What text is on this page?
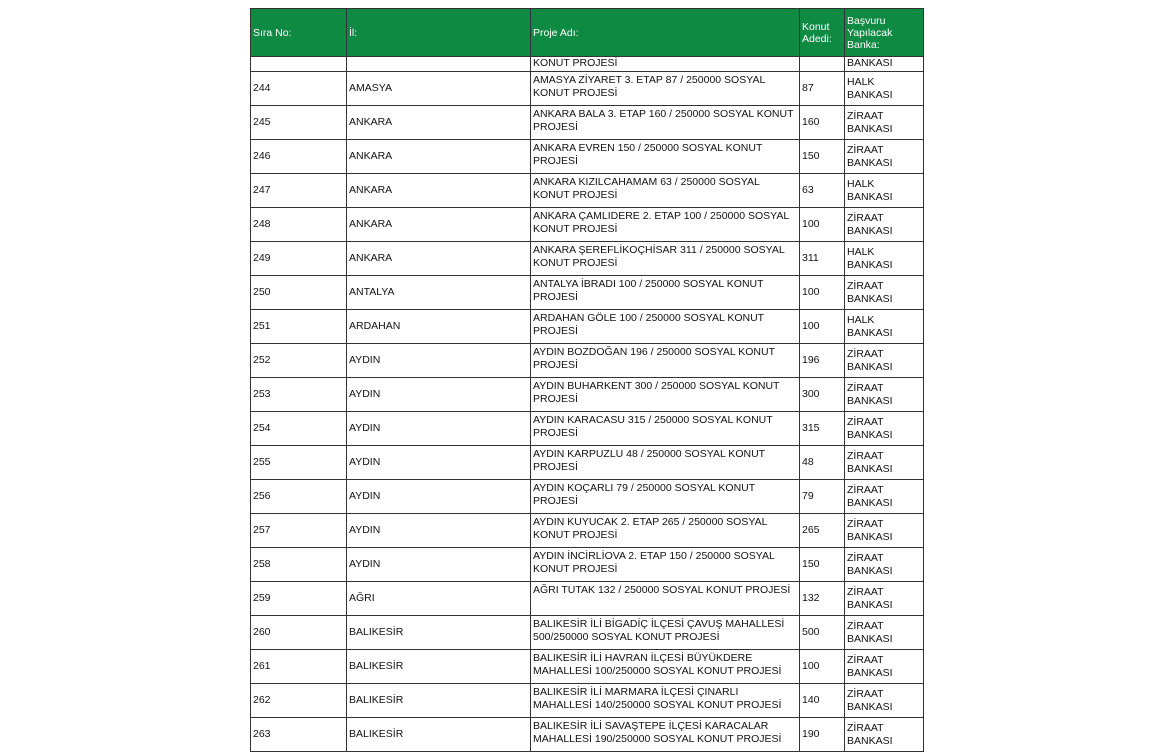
Sıra No:	İl:	Proje Adı:	Konut Adedi:	Başvuru Yapılacak Banka:
		KONUT PROJESİ		BANKASI
244	AMASYA	AMASYA ZİYARET 3. ETAP 87 / 250000 SOSYAL KONUT PROJESİ	87	HALK BANKASI
245	ANKARA	ANKARA BALA 3. ETAP 160 / 250000 SOSYAL KONUT PROJESİ	160	ZİRAAT BANKASI
246	ANKARA	ANKARA EVREN 150 / 250000 SOSYAL KONUT PROJESİ	150	ZİRAAT BANKASI
247	ANKARA	ANKARA KIZILCAHAMAM 63 / 250000 SOSYAL KONUT PROJESİ	63	HALK BANKASI
248	ANKARA	ANKARA ÇAMLIDERE 2. ETAP 100 / 250000 SOSYAL KONUT PROJESİ	100	ZİRAAT BANKASI
249	ANKARA	ANKARA ŞEREFLİKOÇHİSAR 311 / 250000 SOSYAL KONUT PROJESİ	311	HALK BANKASI
250	ANTALYA	ANTALYA İBRADI 100 / 250000 SOSYAL KONUT PROJESİ	100	ZİRAAT BANKASI
251	ARDAHAN	ARDAHAN GÖLE 100 / 250000 SOSYAL KONUT PROJESİ	100	HALK BANKASI
252	AYDIN	AYDIN BOZDOĞAN 196 / 250000 SOSYAL KONUT PROJESİ	196	ZİRAAT BANKASI
253	AYDIN	AYDIN BUHARKENT 300 / 250000 SOSYAL KONUT PROJESİ	300	ZİRAAT BANKASI
254	AYDIN	AYDIN KARACASU 315 / 250000 SOSYAL KONUT PROJESİ	315	ZİRAAT BANKASI
255	AYDIN	AYDIN KARPUZLU 48 / 250000 SOSYAL KONUT PROJESİ	48	ZİRAAT BANKASI
256	AYDIN	AYDIN KOÇARLI 79 / 250000 SOSYAL KONUT PROJESİ	79	ZİRAAT BANKASI
257	AYDIN	AYDIN KUYUCAK 2. ETAP 265 / 250000 SOSYAL KONUT PROJESİ	265	ZİRAAT BANKASI
258	AYDIN	AYDIN İNCİRLİOVA 2. ETAP 150 / 250000 SOSYAL KONUT PROJESİ	150	ZİRAAT BANKASI
259	AĞRI	AĞRI TUTAK 132 / 250000 SOSYAL KONUT PROJESİ	132	ZİRAAT BANKASI
260	BALIKESİR	BALIKESİR İLİ BİGADİÇ İLÇESİ ÇAVUŞ MAHALLESİ 500/250000 SOSYAL KONUT PROJESİ	500	ZİRAAT BANKASI
261	BALIKESİR	BALIKESİR İLİ HAVRAN İLÇESİ BÜYÜKDERE MAHALLESİ 100/250000 SOSYAL KONUT PROJESİ	100	ZİRAAT BANKASI
262	BALIKESİR	BALIKESİR İLİ MARMARA İLÇESİ ÇINARLI MAHALLESİ 140/250000 SOSYAL KONUT PROJESİ	140	ZİRAAT BANKASI
263	BALIKESİR	BALIKESİR İLİ SAVAŞTEPE İLÇESİ KARACALAR MAHALLESİ 190/250000 SOSYAL KONUT PROJESİ	190	ZİRAAT BANKASI
